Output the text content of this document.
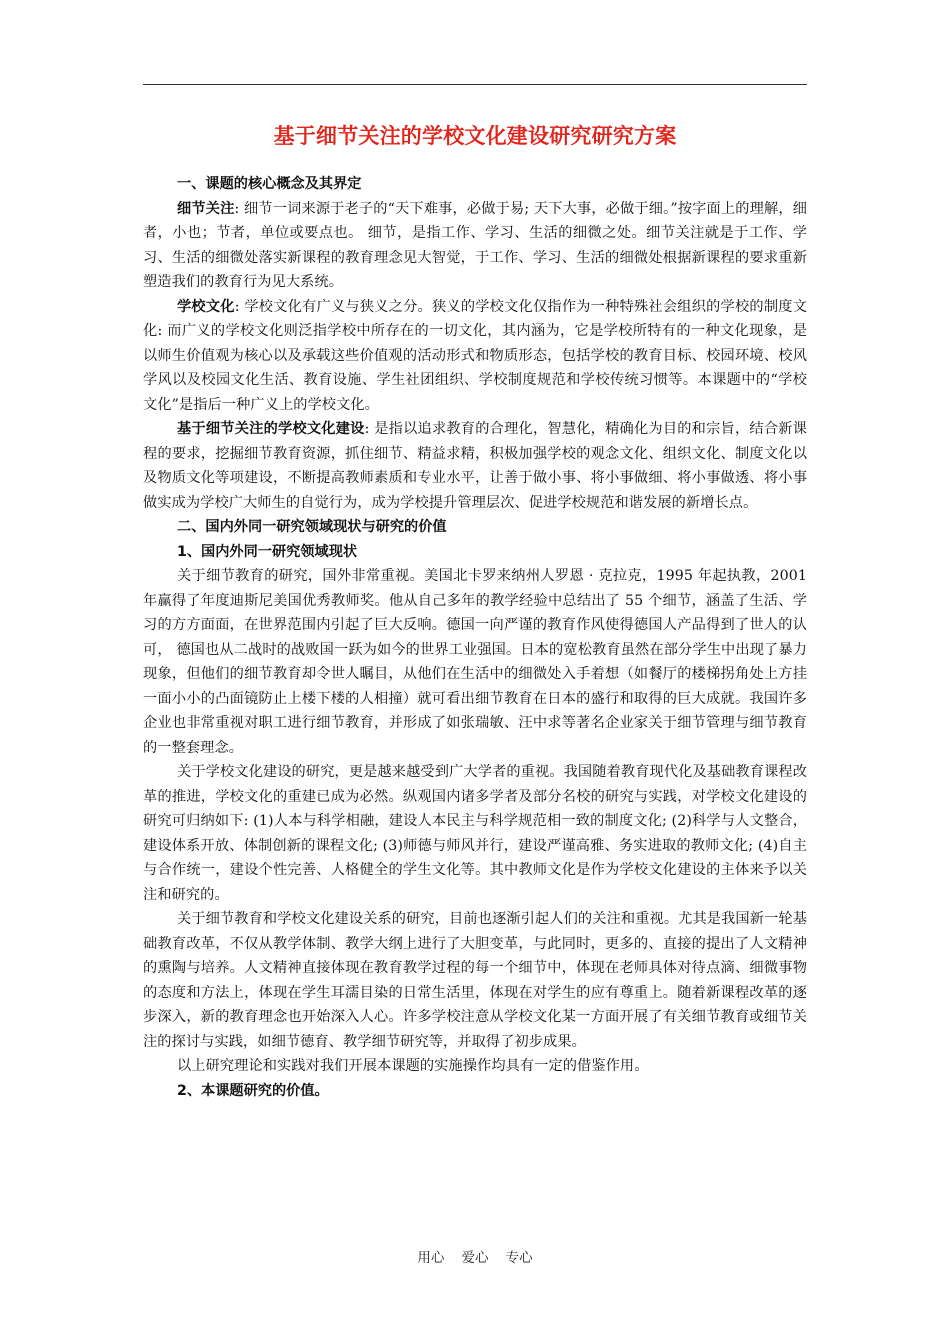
基于细节关注的学校文化建设研究研究方案

一、课题的核心概念及其界定

细节关注: 细节一词来源于老子的“天下难事，必做于易; 天下大事，必做于细。”按字面上的理解，细者，小也；节者，单位或要点也。 细节，是指工作、学习、生活的细微之处。细节关注就是于工作、学习、生活的细微处落实新课程的教育理念见大智觉，于工作、学习、生活的细微处根据新课程的要求重新塑造我们的教育行为见大系统。

学校文化: 学校文化有广义与狭义之分。狭义的学校文化仅指作为一种特殊社会组织的学校的制度文化: 而广义的学校文化则泛指学校中所存在的一切文化，其内涵为，它是学校所特有的一种文化现象，是以师生价值观为核心以及承载这些价值观的活动形式和物质形态，包括学校的教育目标、校园环境、校风学风以及校园文化生活、教育设施、学生社团组织、学校制度规范和学校传统习惯等。本课题中的“学校文化”是指后一种广义上的学校文化。

基于细节关注的学校文化建设: 是指以追求教育的合理化，智慧化，精确化为目的和宗旨，结合新课程的要求，挖掘细节教育资源，抓住细节、精益求精，积极加强学校的观念文化、组织文化、制度文化以及物质文化等项建设，不断提高教师素质和专业水平，让善于做小事、将小事做细、将小事做透、将小事做实成为学校广大师生的自觉行为，成为学校提升管理层次、促进学校规范和谐发展的新增长点。

二、国内外同一研究领域现状与研究的价值

1、国内外同一研究领域现状

关于细节教育的研究，国外非常重视。美国北卡罗来纳州人罗恩 · 克拉克，1995 年起执教，2001 年赢得了年度迪斯尼美国优秀教师奖。他从自己多年的教学经验中总结出了 55 个细节，涵盖了生活、学习的方方面面，在世界范围内引起了巨大反响。德国一向严谨的教育作风使得德国人产品得到了世人的认可， 德国也从二战时的战败国一跃为如今的世界工业强国。日本的宽松教育虽然在部分学生中出现了暴力现象，但他们的细节教育却令世人瞩目，从他们在生活中的细微处入手着想（如餐厅的楼梯拐角处上方挂一面小小的凸面镜防止上楼下楼的人相撞）就可看出细节教育在日本的盛行和取得的巨大成就。我国许多企业也非常重视对职工进行细节教育，并形成了如张瑞敏、汪中求等著名企业家关于细节管理与细节教育的一整套理念。

关于学校文化建设的研究，更是越来越受到广大学者的重视。我国随着教育现代化及基础教育课程改革的推进，学校文化的重建已成为必然。纵观国内诸多学者及部分名校的研究与实践，对学校文化建设的研究可归纳如下: (1)人本与科学相融，建设人本民主与科学规范相一致的制度文化; (2)科学与人文整合，建设体系开放、体制创新的课程文化; (3)师德与师风并行，建设严谨高雅、务实进取的教师文化; (4)自主与合作统一，建设个性完善、人格健全的学生文化等。其中教师文化是作为学校文化建设的主体来予以关注和研究的。

关于细节教育和学校文化建设关系的研究，目前也逐渐引起人们的关注和重视。尤其是我国新一轮基础教育改革，不仅从教学体制、教学大纲上进行了大胆变革，与此同时，更多的、直接的提出了人文精神的熏陶与培养。人文精神直接体现在教育教学过程的每一个细节中，体现在老师具体对待点滴、细微事物的态度和方法上，体现在学生耳濡目染的日常生活里，体现在对学生的应有尊重上。随着新课程改革的逐步深入，新的教育理念也开始深入人心。许多学校注意从学校文化某一方面开展了有关细节教育或细节关注的探讨与实践，如细节德育、教学细节研究等，并取得了初步成果。

以上研究理论和实践对我们开展本课题的实施操作均具有一定的借鉴作用。

2、本课题研究的价值。

用心    爱心    专心
